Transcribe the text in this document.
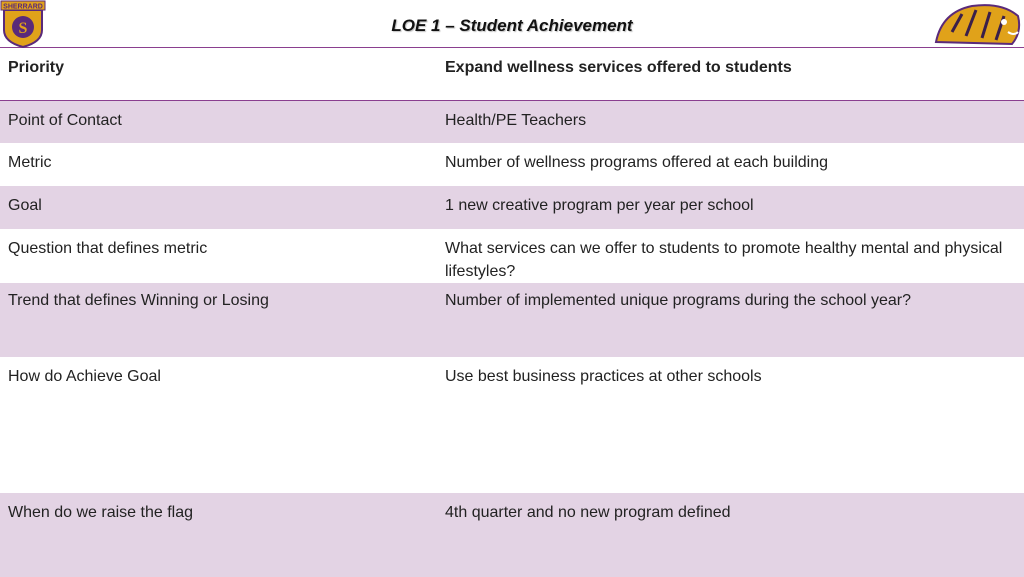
SHERRARD
S	LOE 1 – Student Achievement
Priority	Expand wellness services offered to students
Point of Contact	Health/PE Teachers
Metric	Number of wellness programs offered at each building
Goal	1 new creative program per year per school
Question that defines metric	What services can we offer to students to promote healthy mental and physical lifestyles?
Trend that defines Winning or Losing	Number of implemented unique programs during the school year?
How do Achieve Goal	Use best business practices at other schools
When do we raise the flag	4th quarter and no new program defined
